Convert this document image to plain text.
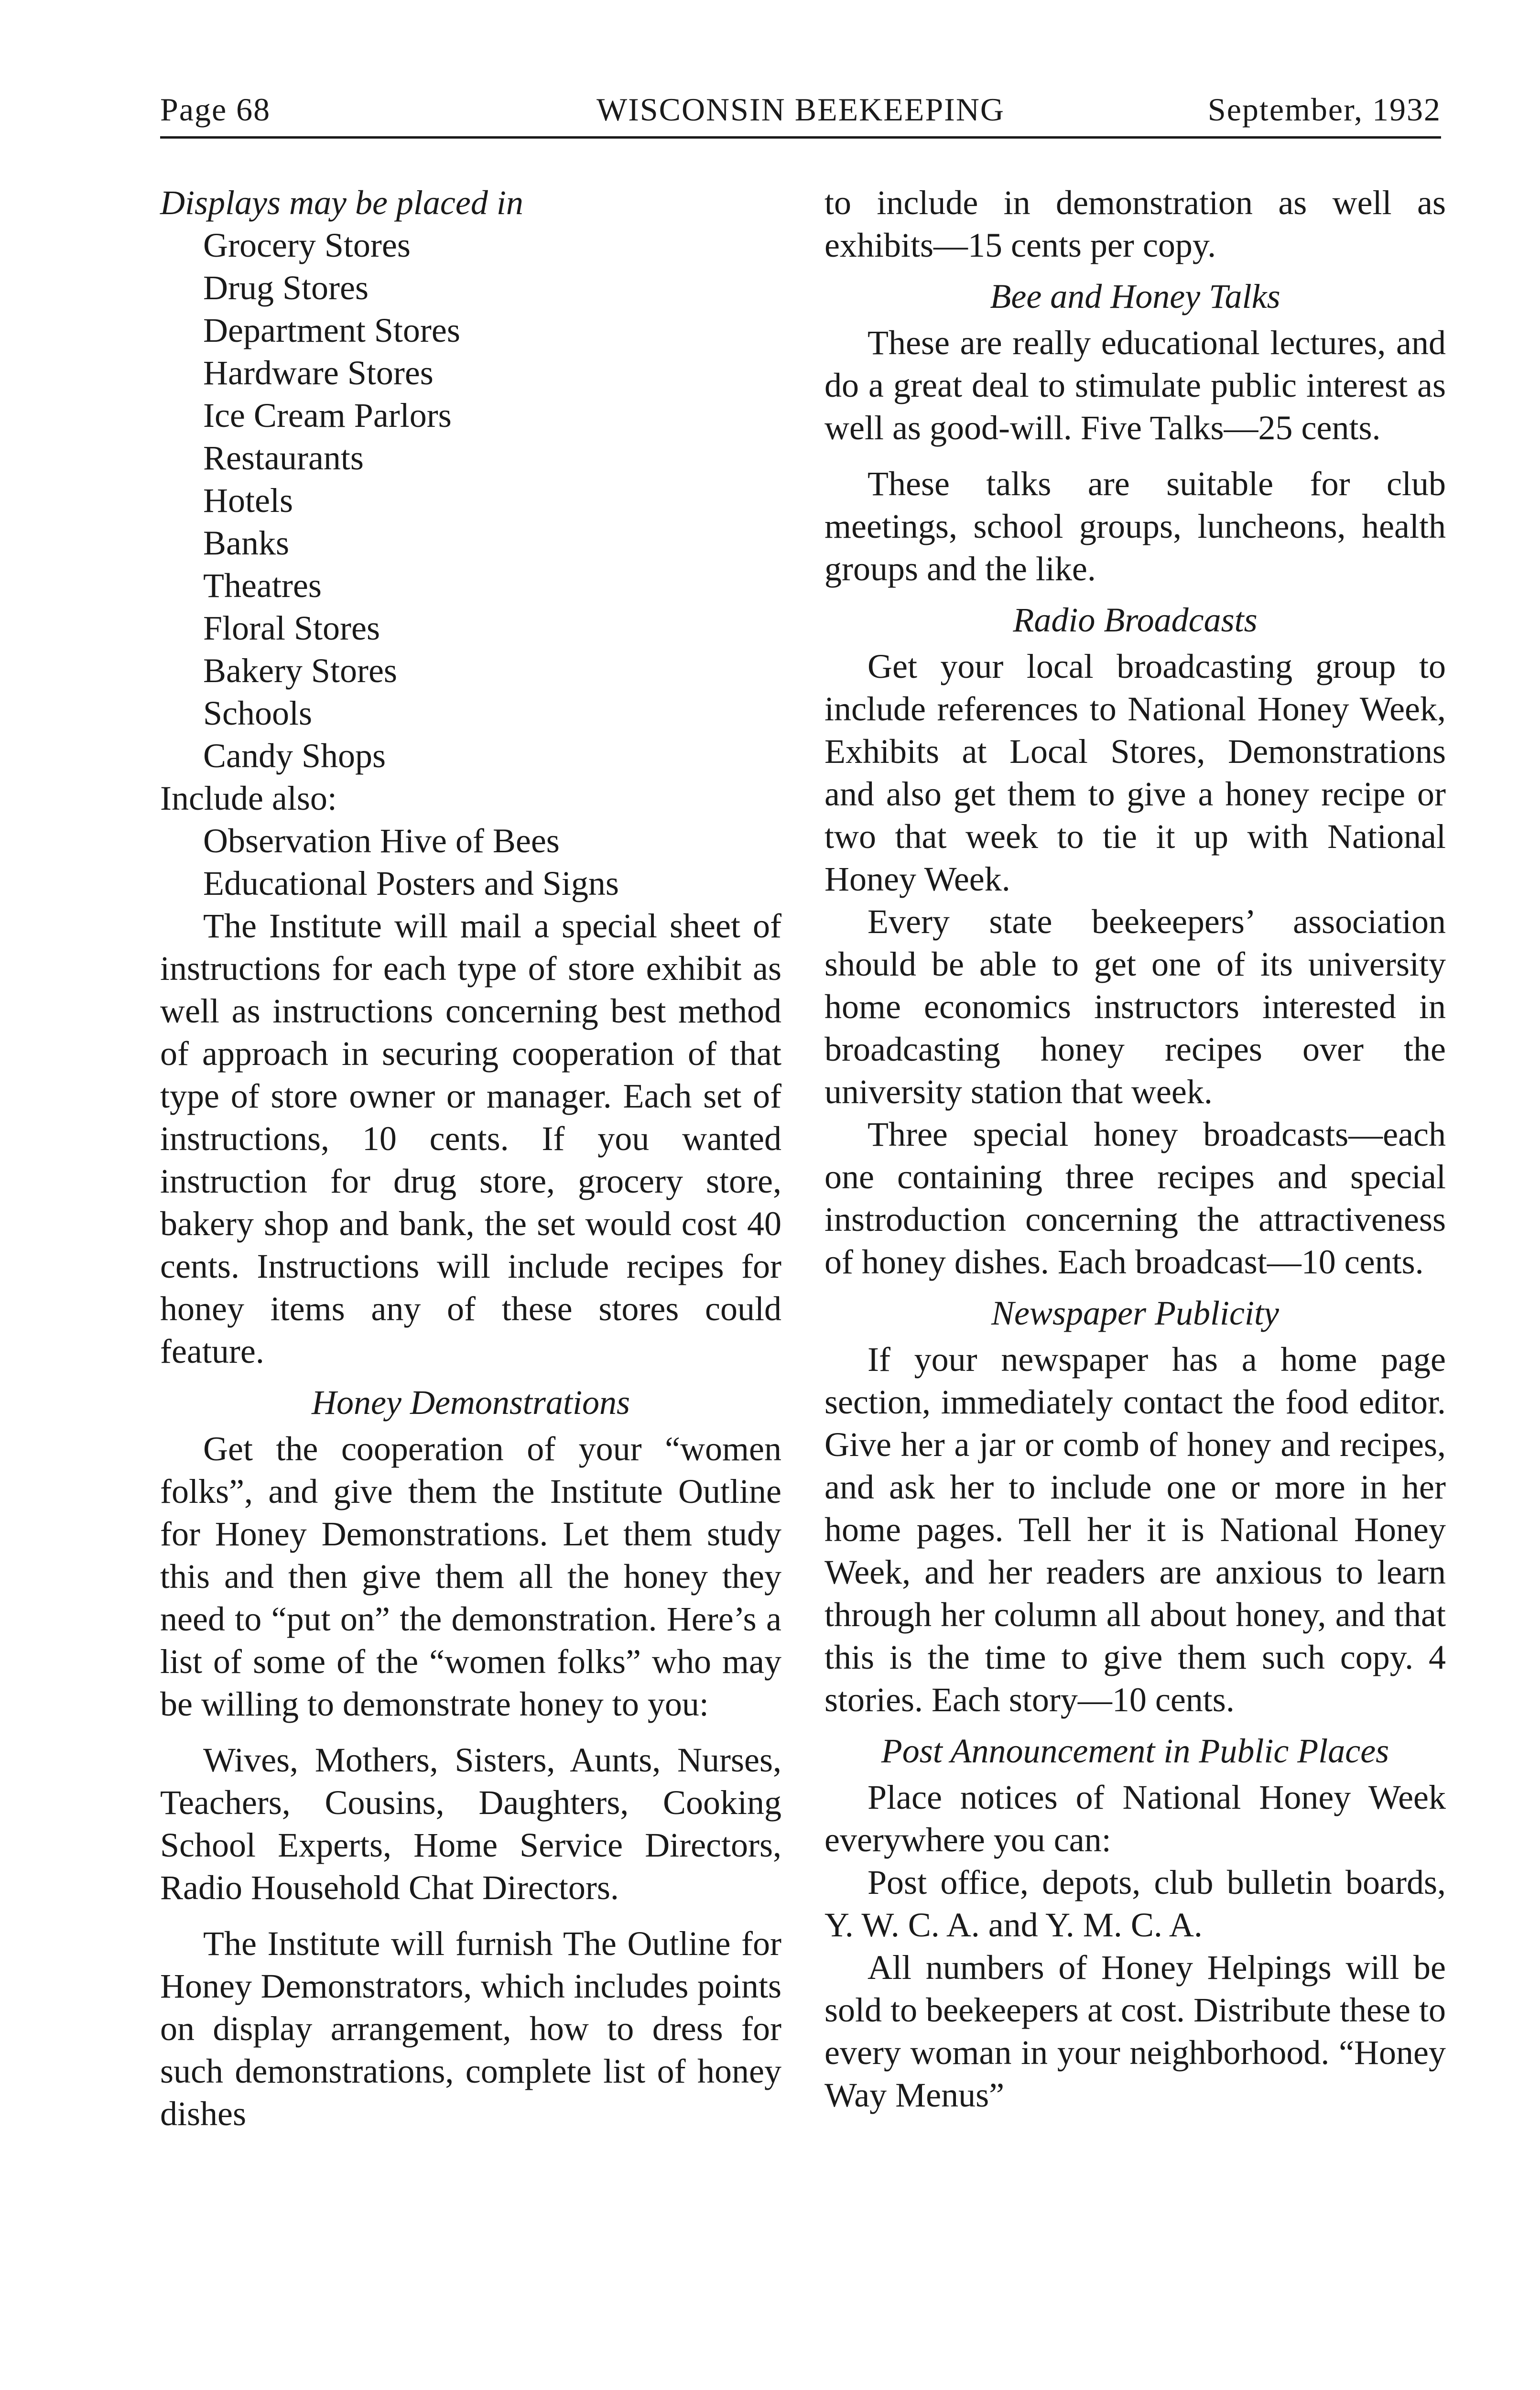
Page 68	WISCONSIN BEEKEEPING	September, 1932
Displays may be placed in
Grocery Stores
Drug Stores
Department Stores
Hardware Stores
Ice Cream Parlors
Restaurants
Hotels
Banks
Theatres
Floral Stores
Bakery Stores
Schools
Candy Shops
Include also:
Observation Hive of Bees
Educational Posters and Signs

The Institute will mail a special sheet of instructions for each type of store exhibit as well as instructions concerning best method of approach in securing cooperation of that type of store owner or manager. Each set of instructions, 10 cents. If you wanted instruction for drug store, grocery store, bakery shop and bank, the set would cost 40 cents. Instructions will include recipes for honey items any of these stores could feature.

Honey Demonstrations

Get the cooperation of your “women folks”, and give them the Institute Outline for Honey Demonstrations. Let them study this and then give them all the honey they need to “put on” the demonstration. Here’s a list of some of the “women folks” who may be willing to demonstrate honey to you:

Wives, Mothers, Sisters, Aunts, Nurses, Teachers, Cousins, Daughters, Cooking School Experts, Home Service Directors, Radio Household Chat Directors.

The Institute will furnish The Outline for Honey Demonstrators, which includes points on display arrangement, how to dress for such demonstrations, complete list of honey dishes

to include in demonstration as well as exhibits—15 cents per copy.

Bee and Honey Talks

These are really educational lectures, and do a great deal to stimulate public interest as well as good-will. Five Talks—25 cents.

These talks are suitable for club meetings, school groups, luncheons, health groups and the like.

Radio Broadcasts

Get your local broadcasting group to include references to National Honey Week, Exhibits at Local Stores, Demonstrations and also get them to give a honey recipe or two that week to tie it up with National Honey Week.

Every state beekeepers’ association should be able to get one of its university home economics instructors interested in broadcasting honey recipes over the university station that week.

Three special honey broadcasts—each one containing three recipes and special instroduction concerning the attractiveness of honey dishes. Each broadcast—10 cents.

Newspaper Publicity

If your newspaper has a home page section, immediately contact the food editor. Give her a jar or comb of honey and recipes, and ask her to include one or more in her home pages. Tell her it is National Honey Week, and her readers are anxious to learn through her column all about honey, and that this is the time to give them such copy. 4 stories. Each story—10 cents.

Post Announcement in Public Places

Place notices of National Honey Week everywhere you can:

Post office, depots, club bulletin boards, Y. W. C. A. and Y. M. C. A.

All numbers of Honey Helpings will be sold to beekeepers at cost. Distribute these to every woman in your neighborhood. “Honey Way Menus”
